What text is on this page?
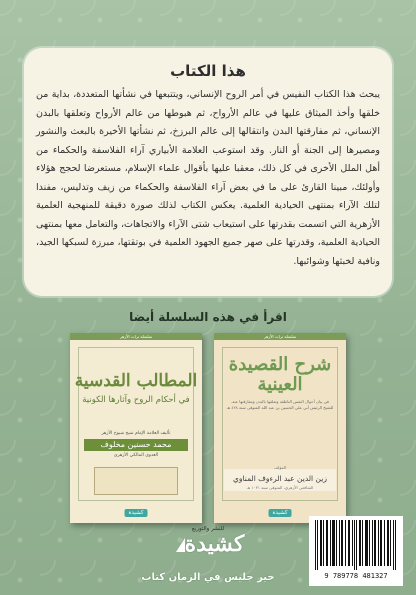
هذا الكتاب
يبحث هذا الكتاب النفيس في أمر الروح الإنساني، ويتتبعها في نشأتها المتعددة، بداية من خلقها وأخذ الميثاق عليها في عالم الأرواح، ثم هبوطها من عالم الأرواح وتعلقها بالبدن الإنساني، ثم مفارقتها البدن وانتقالها إلى عالم البرزخ، ثم نشأتها الأخيرة بالبعث والنشور ومصيرها إلى الجنة أو النار. وقد استوعب العلامة الأبياري آراء الفلاسفة والحكماء من أهل الملل الأخرى في كل ذلك، معقبا عليها بأقوال علماء الإسلام، مستعرضا لحجج هؤلاء وأولئك، مبينا القارئ على ما في بعض آراء الفلاسفة والحكماء من زيف وتدليس، مفندا لتلك الآراء بمنتهى الحيادية العلمية. يعكس الكتاب لذلك صورة دقيقة للمنهجية العلمية الأزهرية التي اتسمت بقدرتها على استيعاب شتى الآراء والاتجاهات، والتعامل معها بمنتهى الحيادية العلمية، وقدرتها على صهر جميع الجهود العلمية في بوتقتها، مبرزة لسبكها الجيد، ونافية لخبثها وشوائبها.
اقرأ في هذه السلسلة أيضا
سلسلة تراث الأزهر
المطالب القدسية
في أحكام الروح وآثارها الكونية
تأليف العلامة الإمام شيخ شيوخ الأزهر
محمد حسنين مخلوف
العدوي المالكي الأزهري
كشيدة
سلسلة تراث الأزهر
شرح القصيدة العينية
في بيان أحوال النفس الناطقة وتعلقها بالبدن ومفارقتها عنه. للشيخ الرئيس أبي علي الحسين بن عبد الله المتوفى سنة ٤٢٨ هـ
المؤلف
زين الدين عبد الرءوف المناوي
الشافعي الأزهري، المتوفى سنة ١٠٣١ هـ
كشيدة
للنشر والتوزيع
كشيدة
خير جليس في الزمان كتاب	9 789778 481327
